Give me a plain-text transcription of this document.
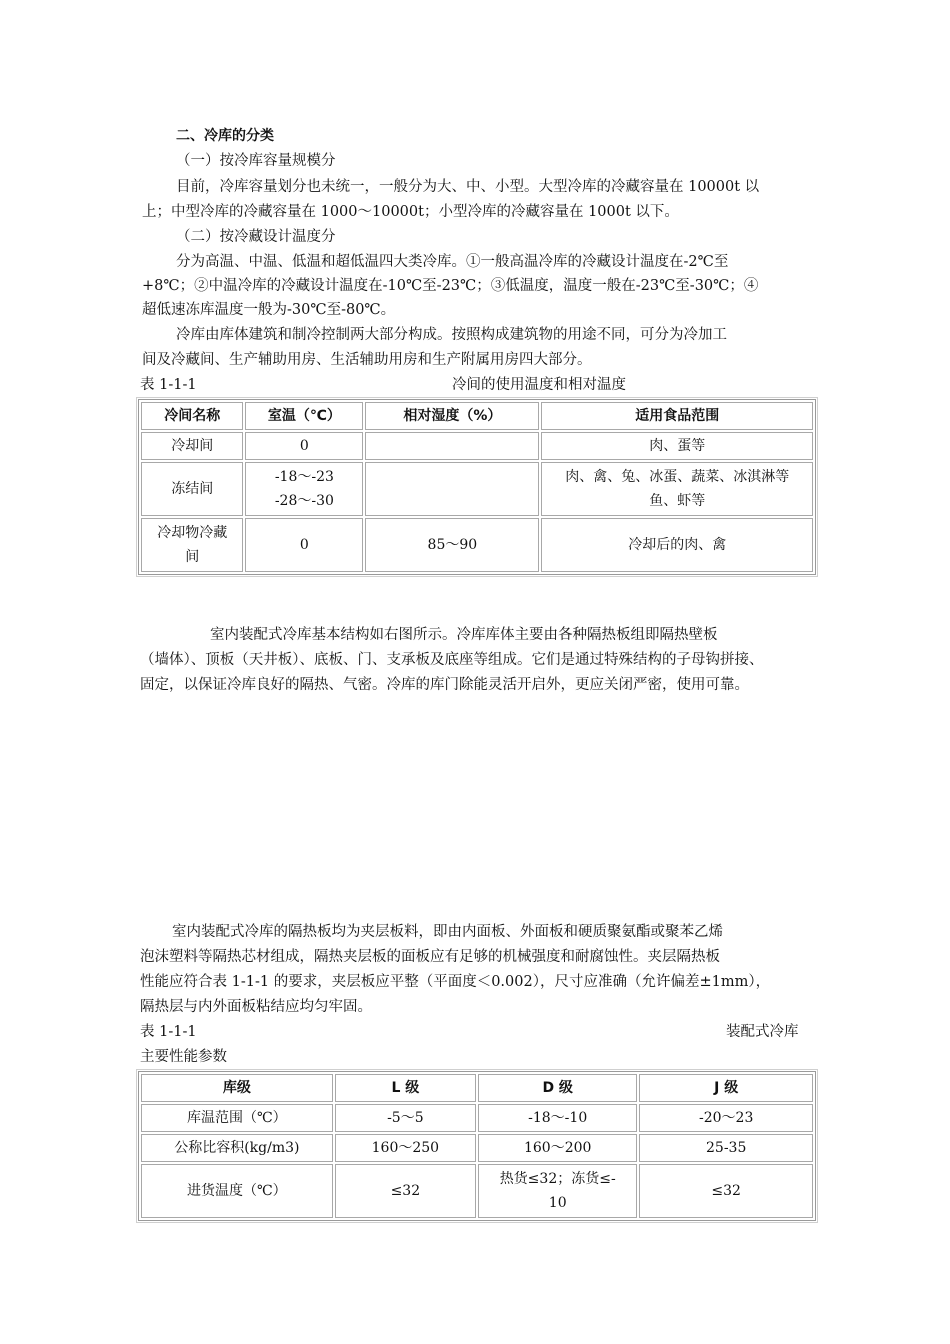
二、冷库的分类
（一）按冷库容量规模分
目前，冷库容量划分也未统一，一般分为大、中、小型。大型冷库的冷藏容量在 10000t 以
上；中型冷库的冷藏容量在 1000～10000t；小型冷库的冷藏容量在 1000t 以下。
（二）按冷藏设计温度分
分为高温、中温、低温和超低温四大类冷库。①一般高温冷库的冷藏设计温度在-2℃至
+8℃；②中温冷库的冷藏设计温度在-10℃至-23℃；③低温度，温度一般在-23℃至-30℃；④
超低速冻库温度一般为-30℃至-80℃。
冷库由库体建筑和制冷控制两大部分构成。按照构成建筑物的用途不同，可分为冷加工
间及冷藏间、生产辅助用房、生活辅助用房和生产附属用房四大部分。
表 1-1-1	冷间的使用温度和相对温度
冷间名称	室温（℃）	相对湿度（%）	适用食品范围

冷却间	0		肉、蛋等

冻结间	-18～-23
-28～-30		肉、禽、兔、冰蛋、蔬菜、冰淇淋等
鱼、虾等

冷却物冷藏
间	0	85～90	冷却后的肉、禽
室内装配式冷库基本结构如右图所示。冷库库体主要由各种隔热板组即隔热壁板
（墙体）、顶板（天井板）、底板、门、支承板及底座等组成。它们是通过特殊结构的子母钩拼接、
固定，以保证冷库良好的隔热、气密。冷库的库门除能灵活开启外，更应关闭严密，使用可靠。
室内装配式冷库的隔热板均为夹层板料，即由内面板、外面板和硬质聚氨酯或聚苯乙烯
泡沫塑料等隔热芯材组成，隔热夹层板的面板应有足够的机械强度和耐腐蚀性。夹层隔热板
性能应符合表 1-1-1 的要求，夹层板应平整（平面度＜0.002），尺寸应准确（允许偏差±1mm），
隔热层与内外面板粘结应均匀牢固。
表 1-1-1	装配式冷库
主要性能参数
库级	L 级	D 级	J 级

库温范围（℃）	-5～5	-18～-10	-20～23

公称比容积(kg/m3)	160～250	160～200	25-35

进货温度（℃）	≤32	热货≤32；冻货≤-
10	≤32
